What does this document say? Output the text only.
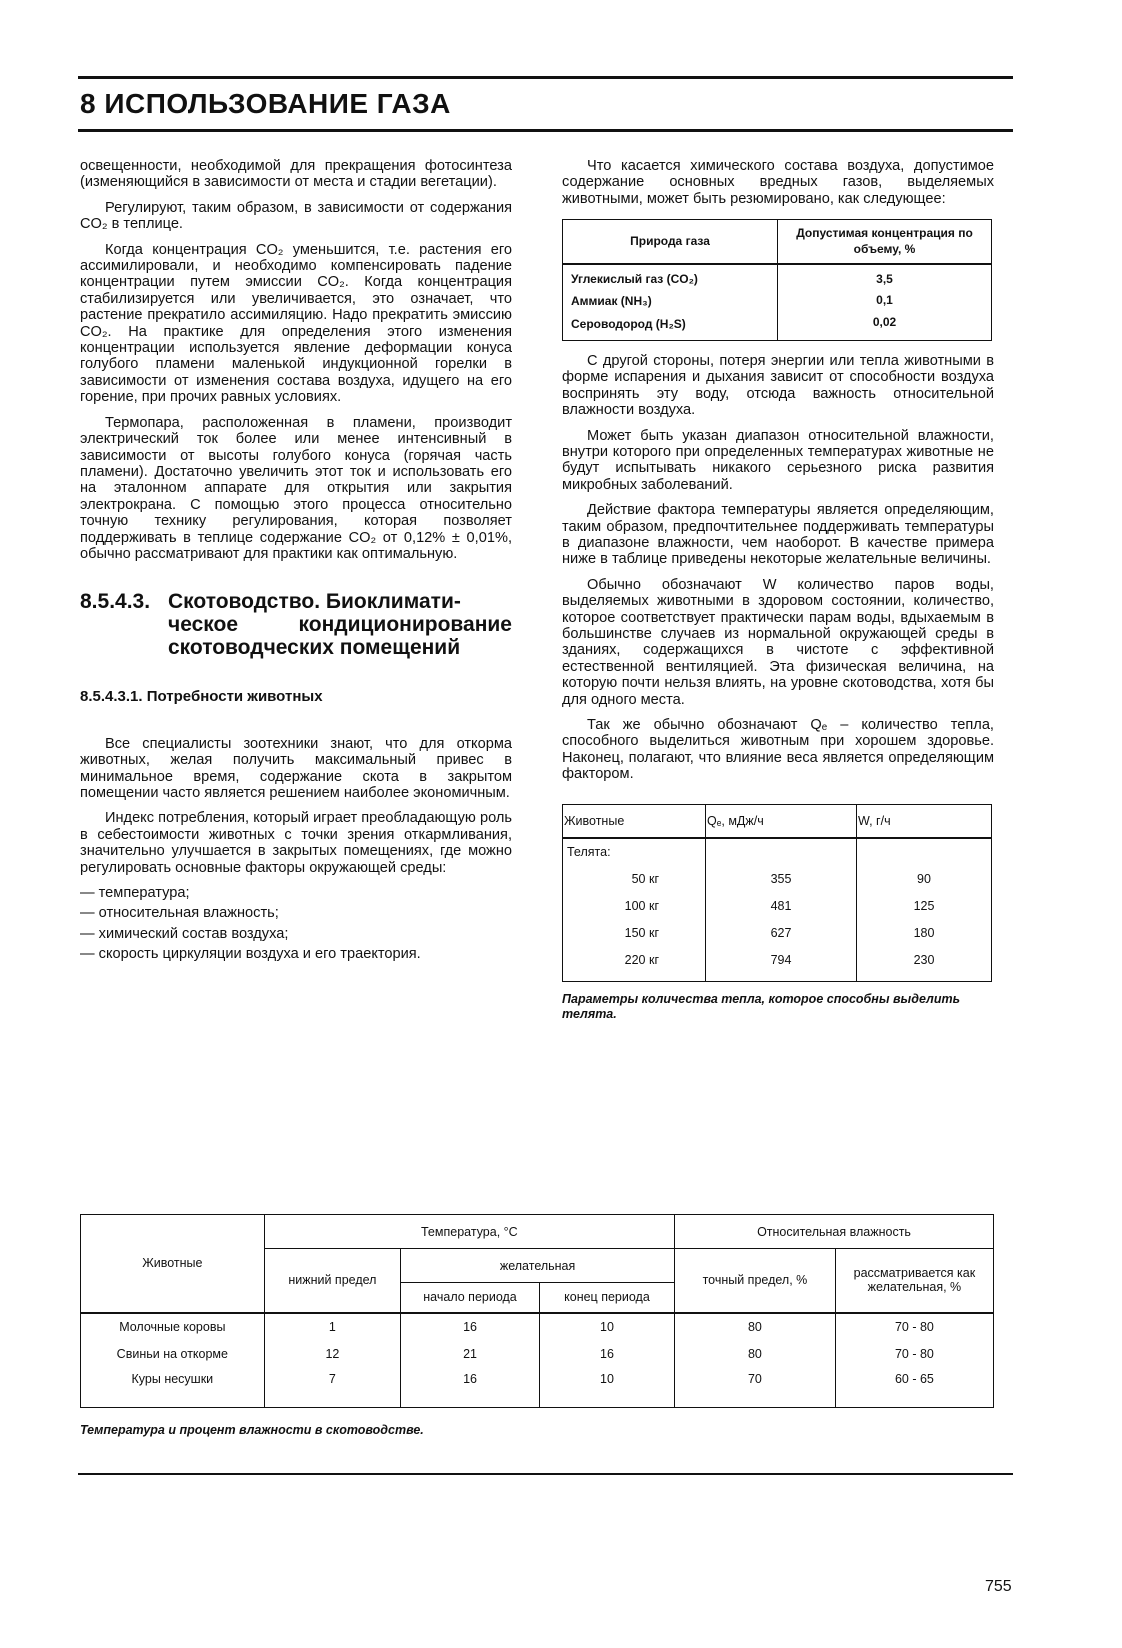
8 ИСПОЛЬЗОВАНИЕ ГАЗА

освещенности, необходимой для прекращения фотосинтеза (изменяющийся в зависимости от места и стадии вегетации).

Регулируют, таким образом, в зависимости от содержания CO₂ в теплице.

Когда концентрация CO₂ уменьшится, т.е. растения его ассимилировали, и необходимо компенсировать падение концентрации путем эмиссии CO₂. Когда концентрация стабилизируется или увеличивается, это означает, что растение прекратило ассимиляцию. Надо прекратить эмиссию CO₂. На практике для определения этого изменения концентрации используется явление деформации конуса голубого пламени маленькой индукционной горелки в зависимости от изменения состава воздуха, идущего на его горение, при прочих равных условиях.

Термопара, расположенная в пламени, производит электрический ток более или менее интенсивный в зависимости от высоты голубого конуса (горячая часть пламени). Достаточно увеличить этот ток и использовать его на эталонном аппарате для открытия или закрытия электрокрана. С помощью этого процесса относительно точную технику регулирования, которая позволяет поддерживать в теплице содержание CO₂ от 0,12% ± 0,01%, обычно рассматривают для практики как оптимальную.

8.5.4.3. Скотоводство. Биоклимати-
ческое кондиционирование скотоводческих помещений
8.5.4.3.1. Потребности животных

Все специалисты зоотехники знают, что для откорма животных, желая получить максимальный привес в минимальное время, содержание скота в закрытом помещении часто является решением наиболее экономичным.

Индекс потребления, который играет преобладающую роль в себестоимости животных с точки зрения откармливания, значительно улучшается в закрытых помещениях, где можно регулировать основные факторы окружающей среды:

— температура;
— относительная влажность;
— химический состав воздуха;
— скорость циркуляции воздуха и его траектория.

Что касается химического состава воздуха, допустимое содержание основных вредных газов, выделяемых животными, может быть резюмировано, как следующее:

Природа газа	Допустимая концентрация по объему, %
Углекислый газ (CO₂)	3,5
Аммиак (NH₃)	0,1
Сероводород (H₂S)	0,02

С другой стороны, потеря энергии или тепла животными в форме испарения и дыхания зависит от способности воздуха воспринять эту воду, отсюда важность относительной влажности воздуха.

Может быть указан диапазон относительной влажности, внутри которого при определенных температурах животные не будут испытывать никакого серьезного риска развития микробных заболеваний.

Действие фактора температуры является определяющим, таким образом, предпочтительнее поддерживать температуры в диапазоне влажности, чем наоборот. В качестве примера ниже в таблице приведены некоторые желательные величины.

Обычно обозначают W количество паров воды, выделяемых животными в здоровом состоянии, количество, которое соответствует практически парам воды, вдыхаемым в большинстве случаев из нормальной окружающей среды в зданиях, содержащихся в чистоте с эффективной естественной вентиляцией. Эта физическая величина, на которую почти нельзя влиять, на уровне скотоводства, хотя бы для одного места.

Так же обычно обозначают Qₑ – количество тепла, способного выделиться животным при хорошем здоровье. Наконец, полагают, что влияние веса является определяющим фактором.

Животные	Qₑ, мДж/ч	W, г/ч
Телята:		
50 кг	355	90
100 кг	481	125
150 кг	627	180
220 кг	794	230
Параметры количества тепла, которое способны выделить телята.
Животные	Температура, °С			Относительная влажность	
	нижний предел	желательная		точный предел, %	рассматривается как желательная, %
		начало периода	конец периода		
Молочные коровы	1	16	10	80	70 - 80
Свиньи на откорме	12	21	16	80	70 - 80
Куры несушки	7	16	10	70	60 - 65
Температура и процент влажности в скотоводстве.
755
